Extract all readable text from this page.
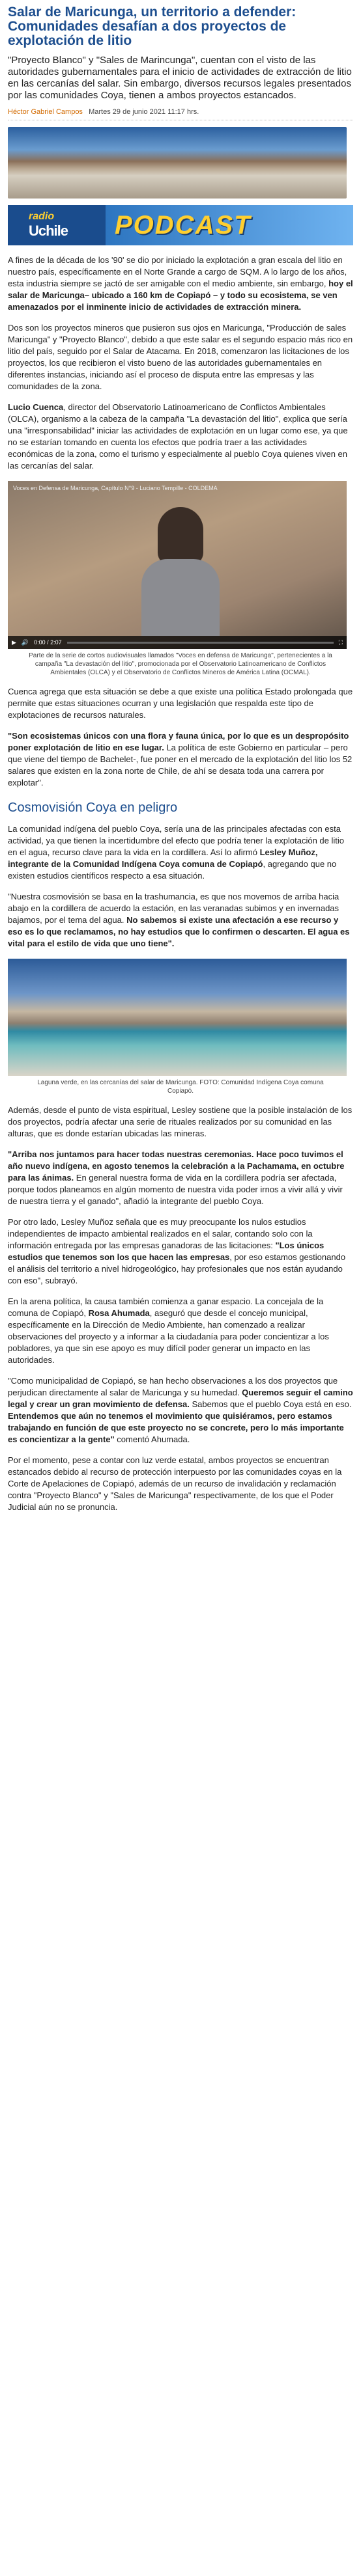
Salar de Maricunga, un territorio a defender: Comunidades desafían a dos proyectos de explotación de litio

"Proyecto Blanco" y "Sales de Marincunga", cuentan con el visto de las autoridades gubernamentales para el inicio de actividades de extracción de litio en las cercanías del salar. Sin embargo, diversos recursos legales presentados por las comunidades Coya, tienen a ambos proyectos estancados.

Héctor Gabriel Campos Martes 29 de junio 2021 11:17 hrs.
radio
Uchile	PODCAST

A fines de la década de los '90' se dio por iniciado la explotación a gran escala del litio en nuestro país, específicamente en el Norte Grande a cargo de SQM. A lo largo de los años, esta industria siempre se jactó de ser amigable con el medio ambiente, sin embargo, hoy el salar de Maricunga– ubicado a 160 km de Copiapó – y todo su ecosistema, se ven amenazados por el inminente inicio de actividades de extracción minera.

Dos son los proyectos mineros que pusieron sus ojos en Maricunga, "Producción de sales Maricunga" y "Proyecto Blanco", debido a que este salar es el segundo espacio más rico en litio del país, seguido por el Salar de Atacama. En 2018, comenzaron las licitaciones de los proyectos, los que recibieron el visto bueno de las autoridades gubernamentales en diferentes instancias, iniciando así el proceso de disputa entre las empresas y las comunidades de la zona.

Lucio Cuenca, director del Observatorio Latinoamericano de Conflictos Ambientales (OLCA), organismo a la cabeza de la campaña "La devastación del litio", explica que sería una "irresponsabilidad" iniciar las actividades de explotación en un lugar como ese, ya que no se estarían tomando en cuenta los efectos que podría traer a las actividades económicas de la zona, como el turismo y especialmente al pueblo Coya quienes viven en las cercanías del salar.

Voces en Defensa de Maricunga, Capítulo N°9 - Luciano Tempille - COLDEMA
▶ 🔊 0:00 / 2:07	⛶

Parte de la serie de cortos audiovisuales llamados "Voces en defensa de Maricunga", pertenecientes a la campaña "La devastación del litio", promocionada por el Observatorio Latinoamericano de Conflictos Ambientales (OLCA) y el Observatorio de Conflictos Mineros de América Latina (OCMAL).

Cuenca agrega que esta situación se debe a que existe una política Estado prolongada que permite que estas situaciones ocurran y una legislación que respalda este tipo de explotaciones de recursos naturales.

"Son ecosistemas únicos con una flora y fauna única, por lo que es un despropósito poner explotación de litio en ese lugar. La política de este Gobierno en particular – pero que viene del tiempo de Bachelet-, fue poner en el mercado de la explotación del litio los 52 salares que existen en la zona norte de Chile, de ahí se desata toda una carrera por explotar".

Cosmovisión Coya en peligro

La comunidad indígena del pueblo Coya, sería una de las principales afectadas con esta actividad, ya que tienen la incertidumbre del efecto que podría tener la explotación de litio en el agua, recurso clave para la vida en la cordillera. Así lo afirmó Lesley Muñoz, integrante de la Comunidad Indígena Coya comuna de Copiapó, agregando que no existen estudios científicos respecto a esa situación.

"Nuestra cosmovisión se basa en la trashumancia, es que nos movemos de arriba hacia abajo en la cordillera de acuerdo la estación, en las veranadas subimos y en invernadas bajamos, por el tema del agua. No sabemos si existe una afectación a ese recurso y eso es lo que reclamamos, no hay estudios que lo confirmen o descarten. El agua es vital para el estilo de vida que uno tiene".

Laguna verde, en las cercanías del salar de Maricunga. FOTO: Comunidad Indígena Coya comuna Copiapó.

Además, desde el punto de vista espiritual, Lesley sostiene que la posible instalación de los dos proyectos, podría afectar una serie de rituales realizados por su comunidad en las alturas, que es donde estarían ubicadas las mineras.

"Arriba nos juntamos para hacer todas nuestras ceremonias. Hace poco tuvimos el año nuevo indígena, en agosto tenemos la celebración a la Pachamama, en octubre para las ánimas. En general nuestra forma de vida en la cordillera podría ser afectada, porque todos planeamos en algún momento de nuestra vida poder irnos a vivir allá y vivir de nuestra tierra y el ganado", añadió la integrante del pueblo Coya.

Por otro lado, Lesley Muñoz señala que es muy preocupante los nulos estudios independientes de impacto ambiental realizados en el salar, contando solo con la información entregada por las empresas ganadoras de las licitaciones: "Los únicos estudios que tenemos son los que hacen las empresas, por eso estamos gestionando el análisis del territorio a nivel hidrogeológico, hay profesionales que nos están ayudando con eso", subrayó.

En la arena política, la causa también comienza a ganar espacio. La concejala de la comuna de Copiapó, Rosa Ahumada, aseguró que desde el concejo municipal, específicamente en la Dirección de Medio Ambiente, han comenzado a realizar observaciones del proyecto y a informar a la ciudadanía para poder concientizar a los pobladores, ya que sin ese apoyo es muy difícil poder generar un impacto en las autoridades.

"Como municipalidad de Copiapó, se han hecho observaciones a los dos proyectos que perjudican directamente al salar de Maricunga y su humedad. Queremos seguir el camino legal y crear un gran movimiento de defensa. Sabemos que el pueblo Coya está en eso. Entendemos que aún no tenemos el movimiento que quisiéramos, pero estamos trabajando en función de que este proyecto no se concrete, pero lo más importante es concientizar a la gente" comentó Ahumada.

Por el momento, pese a contar con luz verde estatal, ambos proyectos se encuentran estancados debido al recurso de protección interpuesto por las comunidades coyas en la Corte de Apelaciones de Copiapó, además de un recurso de invalidación y reclamación contra "Proyecto Blanco" y "Sales de Maricunga" respectivamente, de los que el Poder Judicial aún no se pronuncia.
